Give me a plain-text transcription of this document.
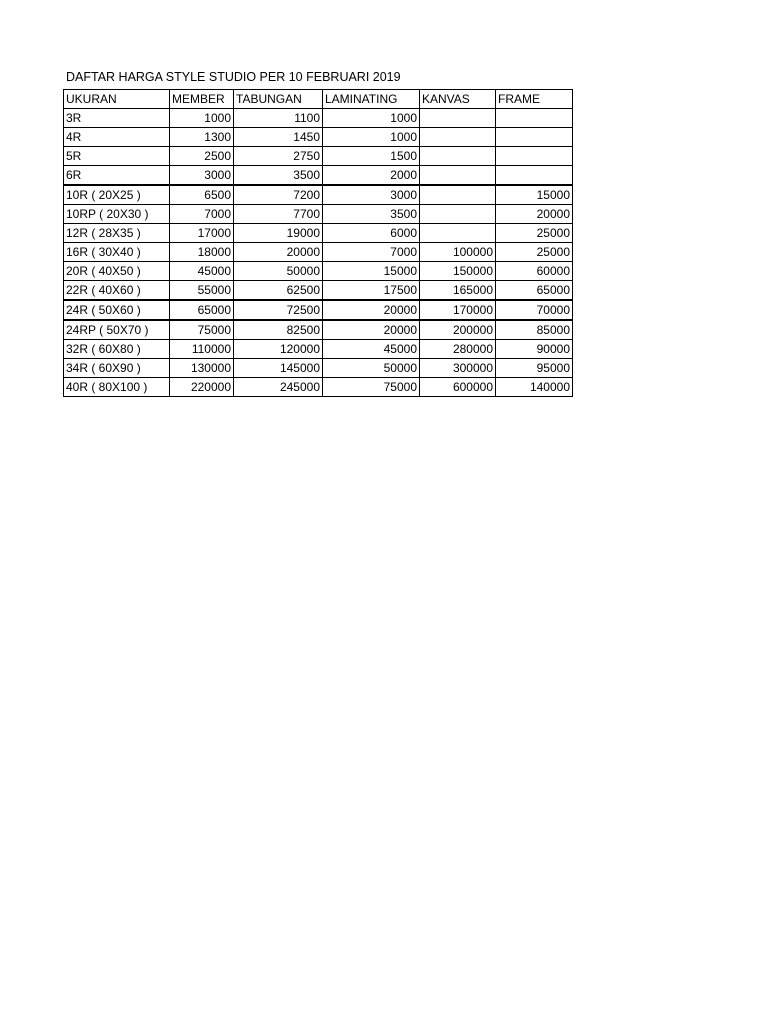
DAFTAR HARGA STYLE STUDIO PER 10 FEBRUARI 2019
UKURAN	MEMBER	TABUNGAN	LAMINATING	KANVAS	FRAME
3R	1000	1100	1000		
4R	1300	1450	1000		
5R	2500	2750	1500		
6R	3000	3500	2000		
10R ( 20X25 )	6500	7200	3000		15000
10RP ( 20X30 )	7000	7700	3500		20000
12R ( 28X35 )	17000	19000	6000		25000
16R ( 30X40 )	18000	20000	7000	100000	25000
20R ( 40X50 )	45000	50000	15000	150000	60000
22R ( 40X60 )	55000	62500	17500	165000	65000
24R ( 50X60 )	65000	72500	20000	170000	70000
24RP ( 50X70 )	75000	82500	20000	200000	85000
32R ( 60X80 )	110000	120000	45000	280000	90000
34R ( 60X90 )	130000	145000	50000	300000	95000
40R ( 80X100 )	220000	245000	75000	600000	140000
